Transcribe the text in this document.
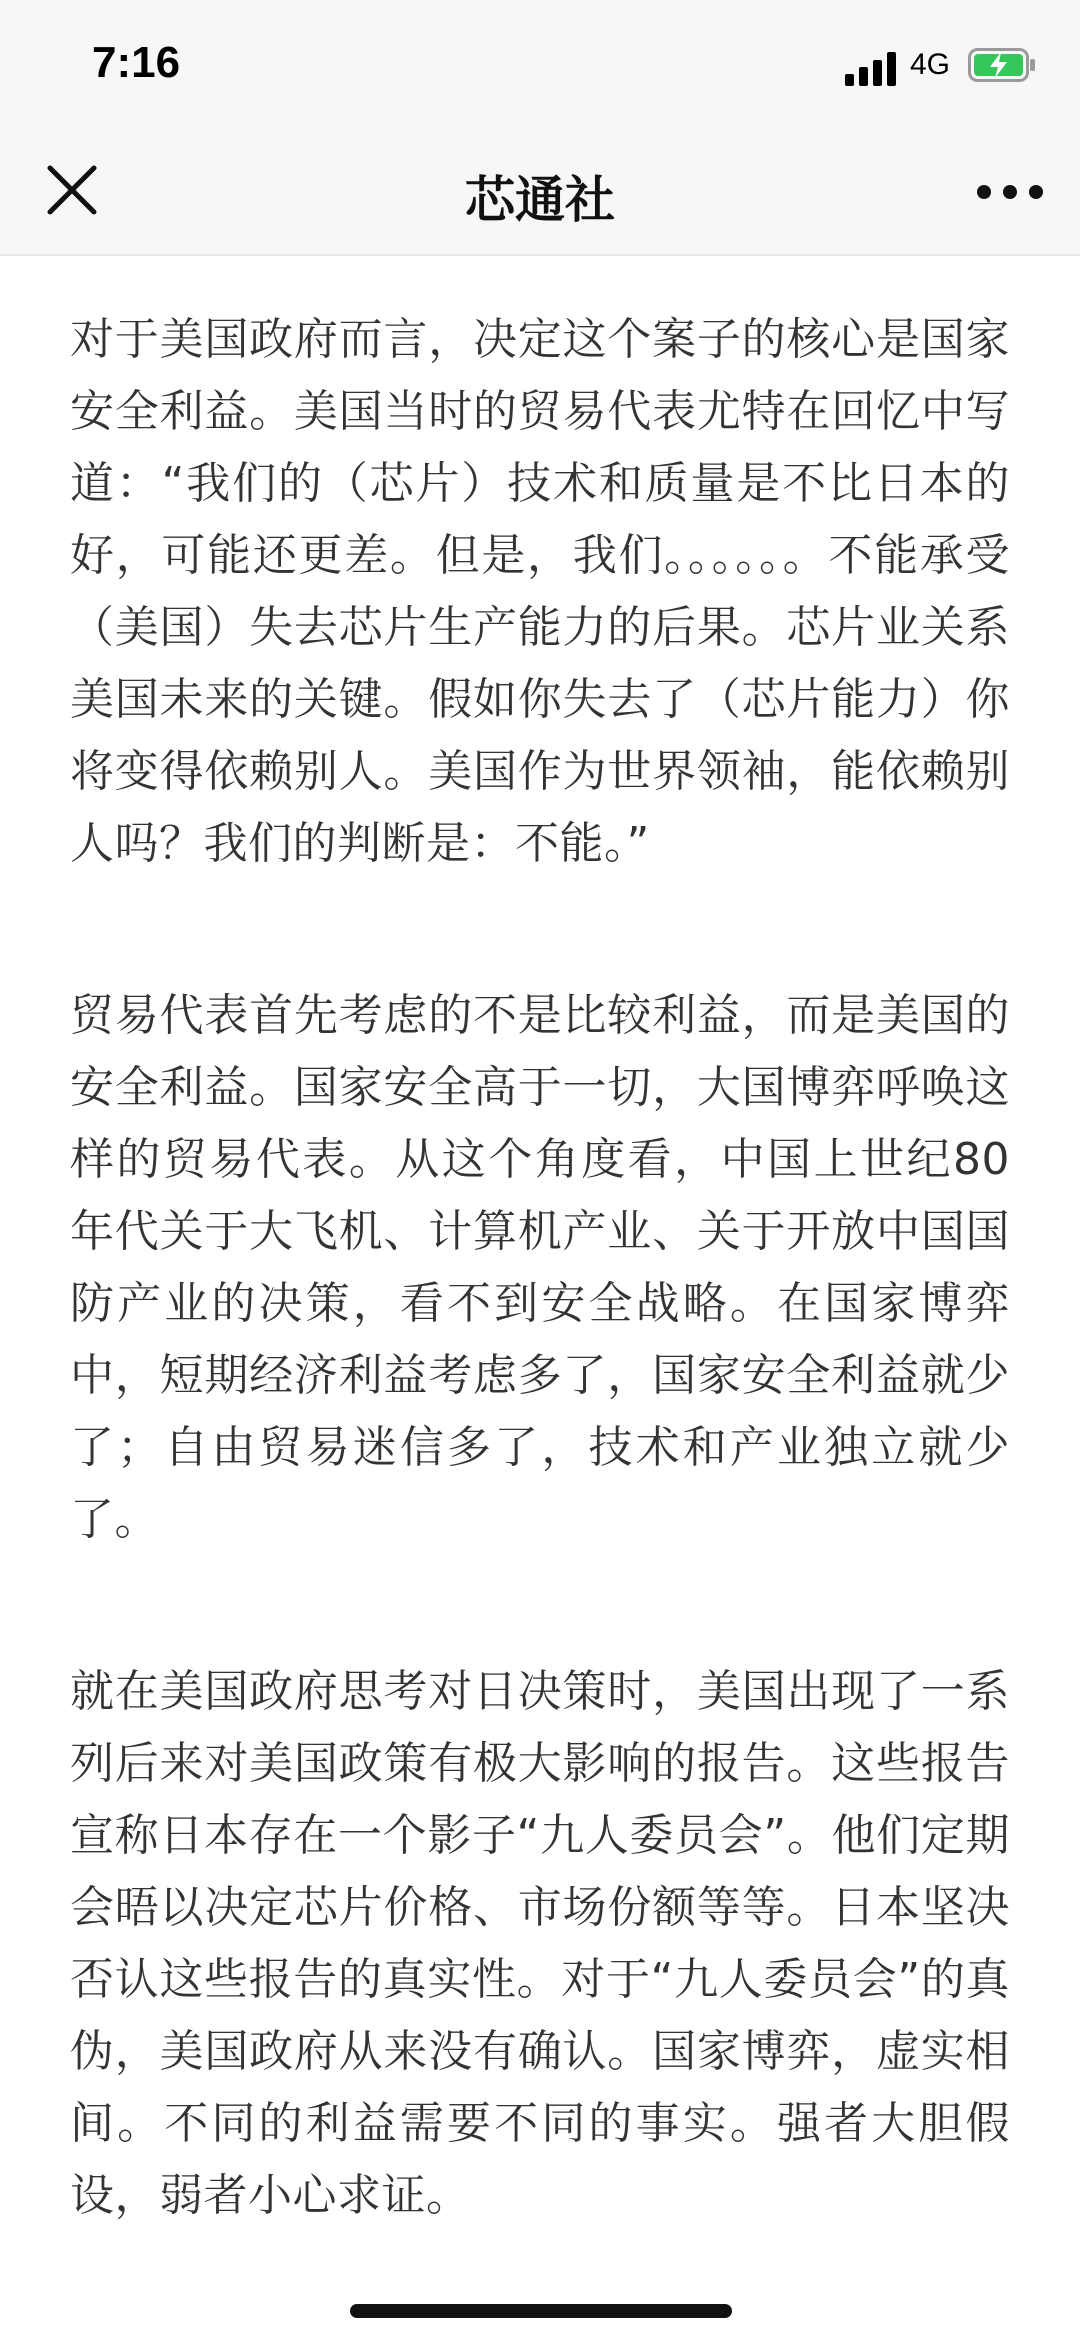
7:16	4G
芯通社

对于美国政府而言，决定这个案子的核心是国家安全利益。美国当时的贸易代表尤特在回忆中写道：“我们的（芯片）技术和质量是不比日本的好，可能还更差。但是，我们。。。。。。不能承受（美国）失去芯片生产能力的后果。芯片业关系美国未来的关键。假如你失去了（芯片能力）你将变得依赖别人。美国作为世界领袖，能依赖别人吗？我们的判断是：不能。”

贸易代表首先考虑的不是比较利益，而是美国的安全利益。国家安全高于一切，大国博弈呼唤这样的贸易代表。从这个角度看，中国上世纪80年代关于大飞机、计算机产业、关于开放中国国防产业的决策，看不到安全战略。在国家博弈中，短期经济利益考虑多了，国家安全利益就少了；自由贸易迷信多了，技术和产业独立就少了。

就在美国政府思考对日决策时，美国出现了一系列后来对美国政策有极大影响的报告。这些报告宣称日本存在一个影子“九人委员会”。他们定期会晤以决定芯片价格、市场份额等等。日本坚决否认这些报告的真实性。对于“九人委员会”的真伪，美国政府从来没有确认。国家博弈，虚实相间。不同的利益需要不同的事实。强者大胆假设，弱者小心求证。
